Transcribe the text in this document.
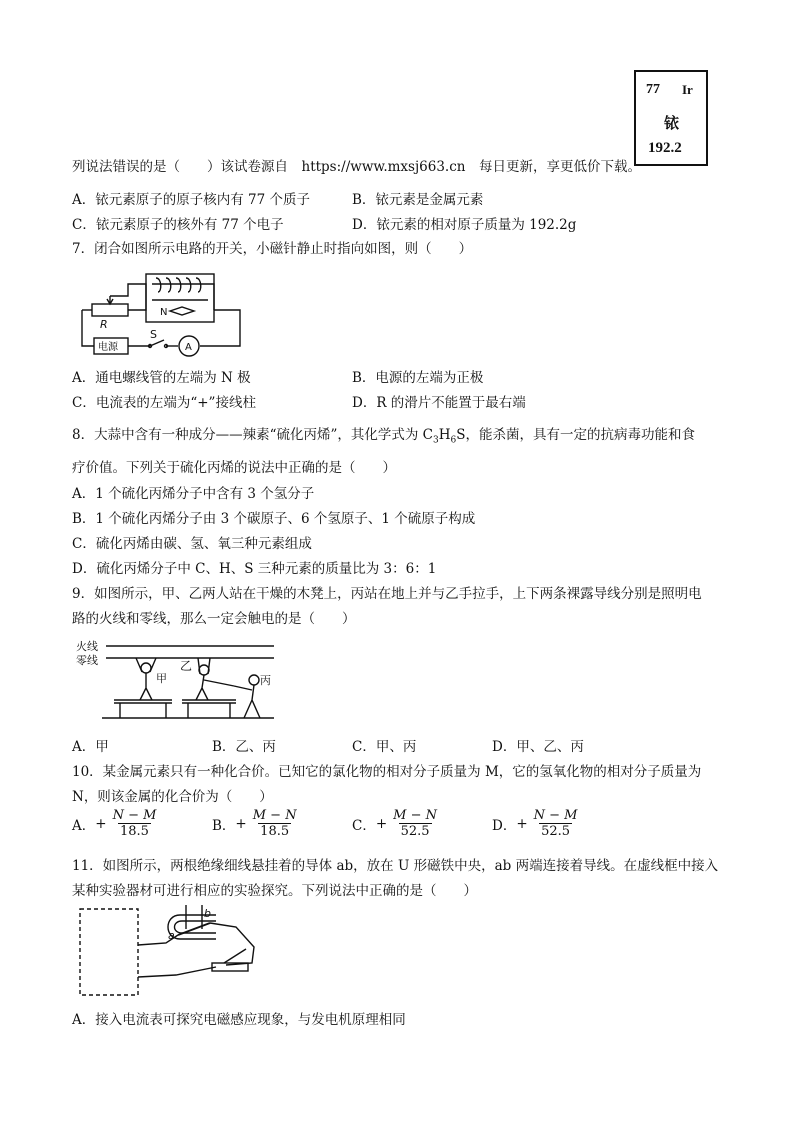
77 Ir
铱
192.2
列说法错误的是（　　）该试卷源自　https://www.mxsj663.cn　每日更新，享更低价下载。
A．铱元素原子的原子核内有 77 个质子	B．铱元素是金属元素
C．铱元素原子的核外有 77 个电子	D．铱元素的相对原子质量为 192.2g
7．闭合如图所示电路的开关，小磁针静止时指向如图，则（　　）
R
N
S
电源	A
A．通电螺线管的左端为 N 极	B．电源的左端为正极
C．电流表的左端为“+”接线柱	D．R 的滑片不能置于最右端
8．大蒜中含有一种成分——辣素“硫化丙烯”，其化学式为 $C_3H_6S$，能杀菌，具有一定的抗病毒功能和食
疗价值。下列关于硫化丙烯的说法中正确的是（　　）
A．1 个硫化丙烯分子中含有 3 个氢分子
B．1 个硫化丙烯分子由 3 个碳原子、6 个氢原子、1 个硫原子构成
C．硫化丙烯由碳、氢、氧三种元素组成
D．硫化丙烯分子中 C、H、S 三种元素的质量比为 3：6：1
9．如图所示，甲、乙两人站在干燥的木凳上，丙站在地上并与乙手拉手，上下两条裸露导线分别是照明电
路的火线和零线，那么一定会触电的是（　　）
火线
零线
甲
乙
丙
A．甲	B．乙、丙	C．甲、丙	D．甲、乙、丙
10．某金属元素只有一种化合价。已知它的氯化物的相对分子质量为 M，它的氢氧化物的相对分子质量为
N，则该金属的化合价为（　　）
A． + $\frac{N - M}{18.5}$	B． + $\frac{M - N}{18.5}$	C． + $\frac{M - N}{52.5}$	D． + $\frac{N - M}{52.5}$
11．如图所示，两根绝缘细线悬挂着的导体 ab，放在 U 形磁铁中央，ab 两端连接着导线。在虚线框中接入
某种实验器材可进行相应的实验探究。下列说法中正确的是（　　）
a
b
A．接入电流表可探究电磁感应现象，与发电机原理相同
